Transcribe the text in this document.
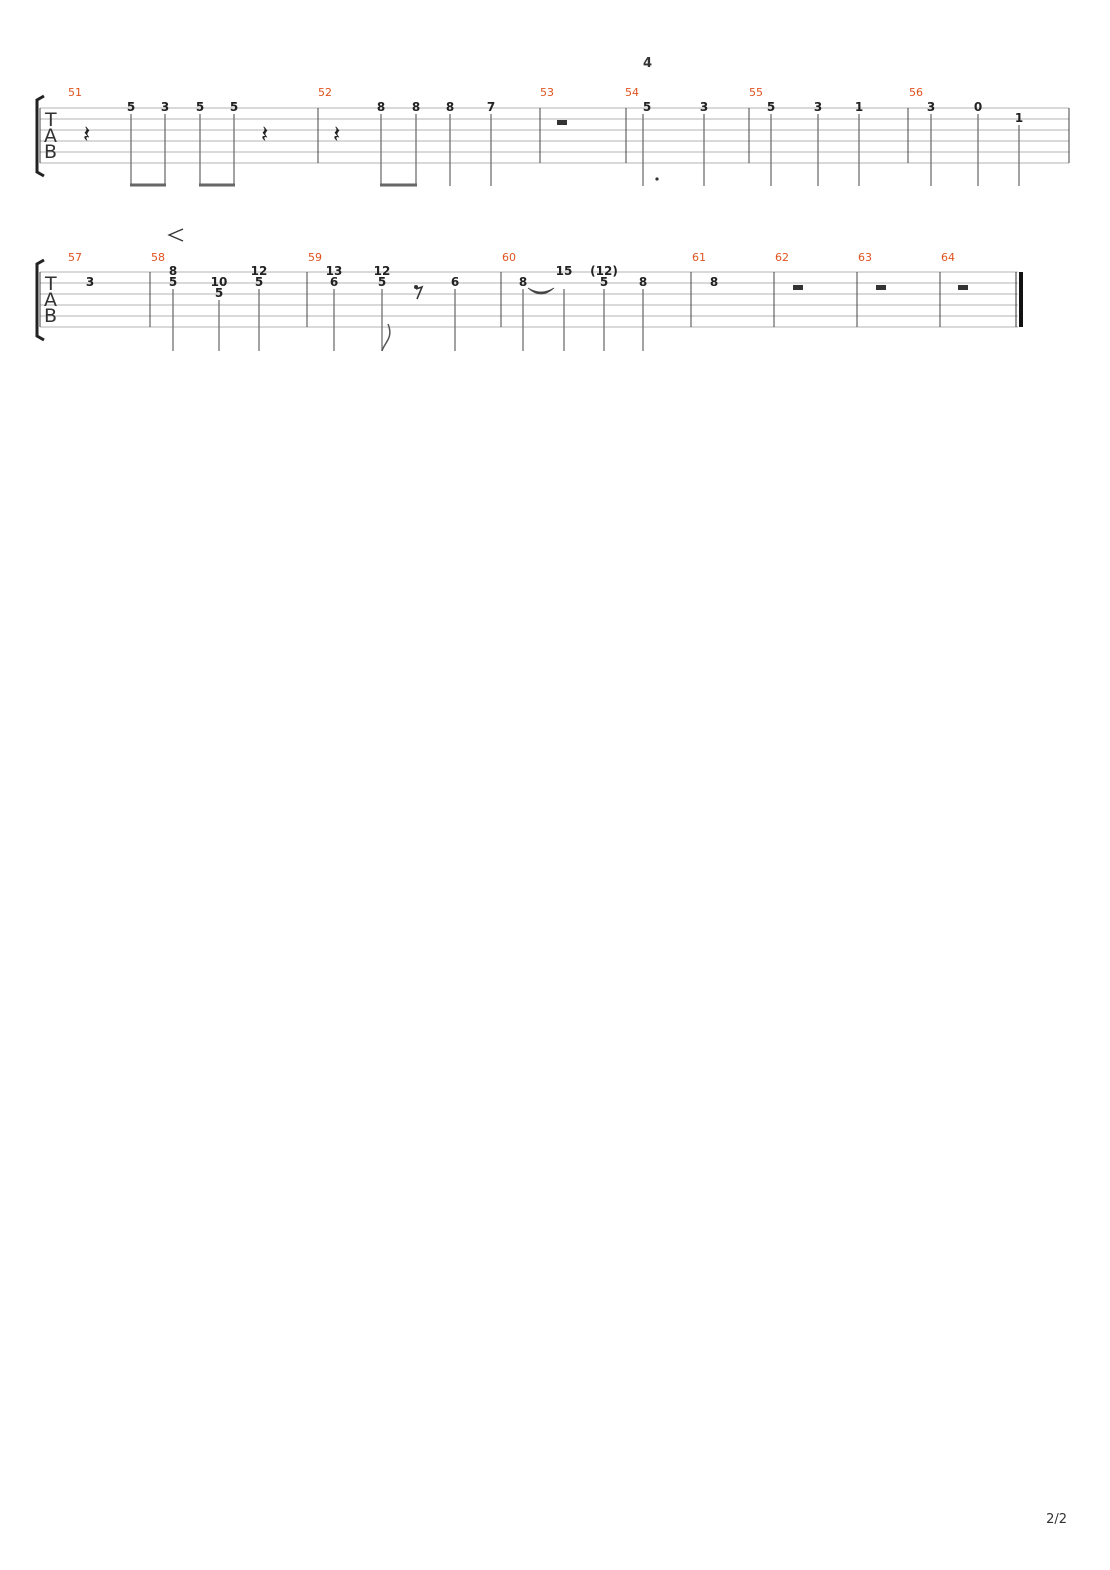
T
A
B
51	52	53	54	55	56
4
𝄽	𝄽	𝄽
5 3 5 5	8 8 8	7	5	3	5	3	1	3	0
1
T
A
B
57	58	59	60	61	62	63	64
3
8
5	10
5
12
5
13
6
12
5	6	8
15 (12)
5	8	8
2/2
